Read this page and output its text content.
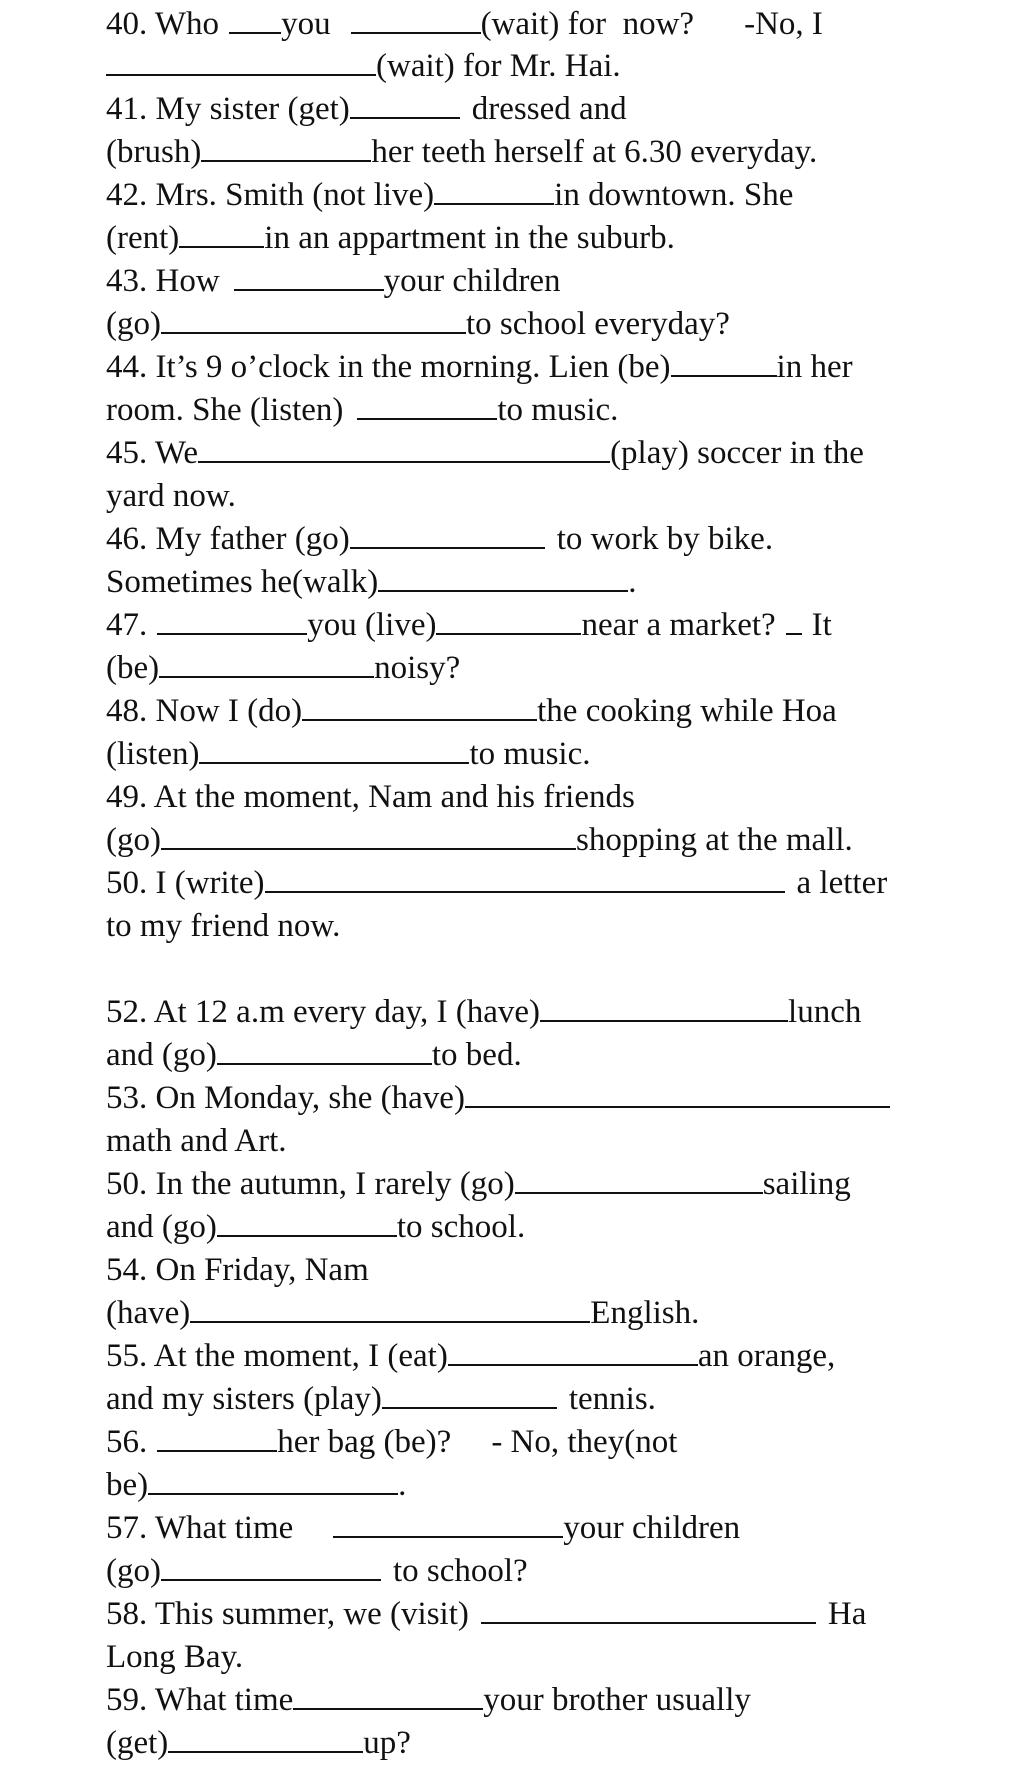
40. Who you	(wait) for  now? -No, I
(wait) for Mr. Hai.
41. My sister (get)	dressed and
(brush)	her teeth herself at 6.30 everyday.
42. Mrs. Smith (not live)	in downtown. She
(rent)	in an appartment in the suburb.
43. How	your children
(go)	to school everyday?
44. It’s 9 o’clock in the morning. Lien (be)	in her
room. She (listen)	to music.
45. We	(play) soccer in the
yard now.
46. My father (go)	to work by bike.
Sometimes he(walk)	.
47.	you (live)	near a market? It
(be)	noisy?
48. Now I (do)	the cooking while Hoa
(listen)	to music.
49. At the moment, Nam and his friends
(go)	shopping at the mall.
50. I (write)	a letter
to my friend now.
52. At 12 a.m every day, I (have)	lunch
and (go)	to bed.
53. On Monday, she (have)
math and Art.
50. In the autumn, I rarely (go)	sailing
and (go)	to school.
54. On Friday, Nam
(have)	English.
55. At the moment, I (eat)	an orange,
and my sisters (play)	tennis.
56.	her bag (be)? - No, they(not
be)	.
57. What time	your children
(go)	to school?
58. This summer, we (visit)	Ha
Long Bay.
59. What time	your brother usually
(get)	up?
